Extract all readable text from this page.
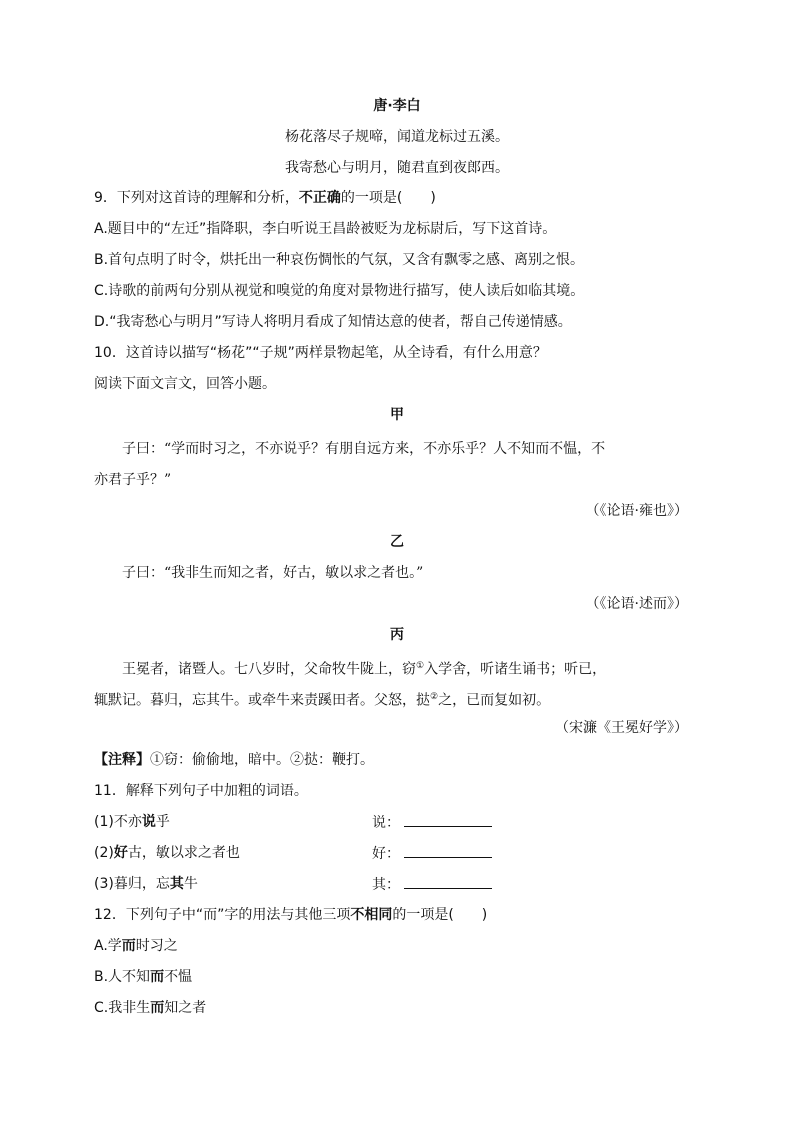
唐·李白
杨花落尽子规啼，闻道龙标过五溪。
我寄愁心与明月，随君直到夜郎西。
9．下列对这首诗的理解和分析，不正确的一项是(　　)
A.题目中的“左迁”指降职，李白听说王昌龄被贬为龙标尉后，写下这首诗。
B.首句点明了时令，烘托出一种哀伤惆怅的气氛，又含有飘零之感、离别之恨。
C.诗歌的前两句分别从视觉和嗅觉的角度对景物进行描写，使人读后如临其境。
D.“我寄愁心与明月”写诗人将明月看成了知情达意的使者，帮自己传递情感。
10．这首诗以描写“杨花”“子规”两样景物起笔，从全诗看，有什么用意？
阅读下面文言文，回答小题。
甲
子曰：“学而时习之，不亦说乎？有朋自远方来，不亦乐乎？人不知而不愠，不
亦君子乎？”
（《论语·雍也》）
乙
子曰：“我非生而知之者，好古，敏以求之者也。”
（《论语·述而》）
丙
王冕者，诸暨人。七八岁时，父命牧牛陇上，窃①入学舍，听诸生诵书；听已，
辄默记。暮归，忘其牛。或牵牛来责蹊田者。父怒，挞②之，已而复如初。
（宋濂《王冕好学》）
【注释】①窃：偷偷地，暗中。②挞：鞭打。
11．解释下列句子中加粗的词语。
(1)不亦说乎	说：
(2)好古，敏以求之者也	好：
(3)暮归，忘其牛	其：
12．下列句子中“而”字的用法与其他三项不相同的一项是(　　)
A.学而时习之
B.人不知而不愠
C.我非生而知之者
